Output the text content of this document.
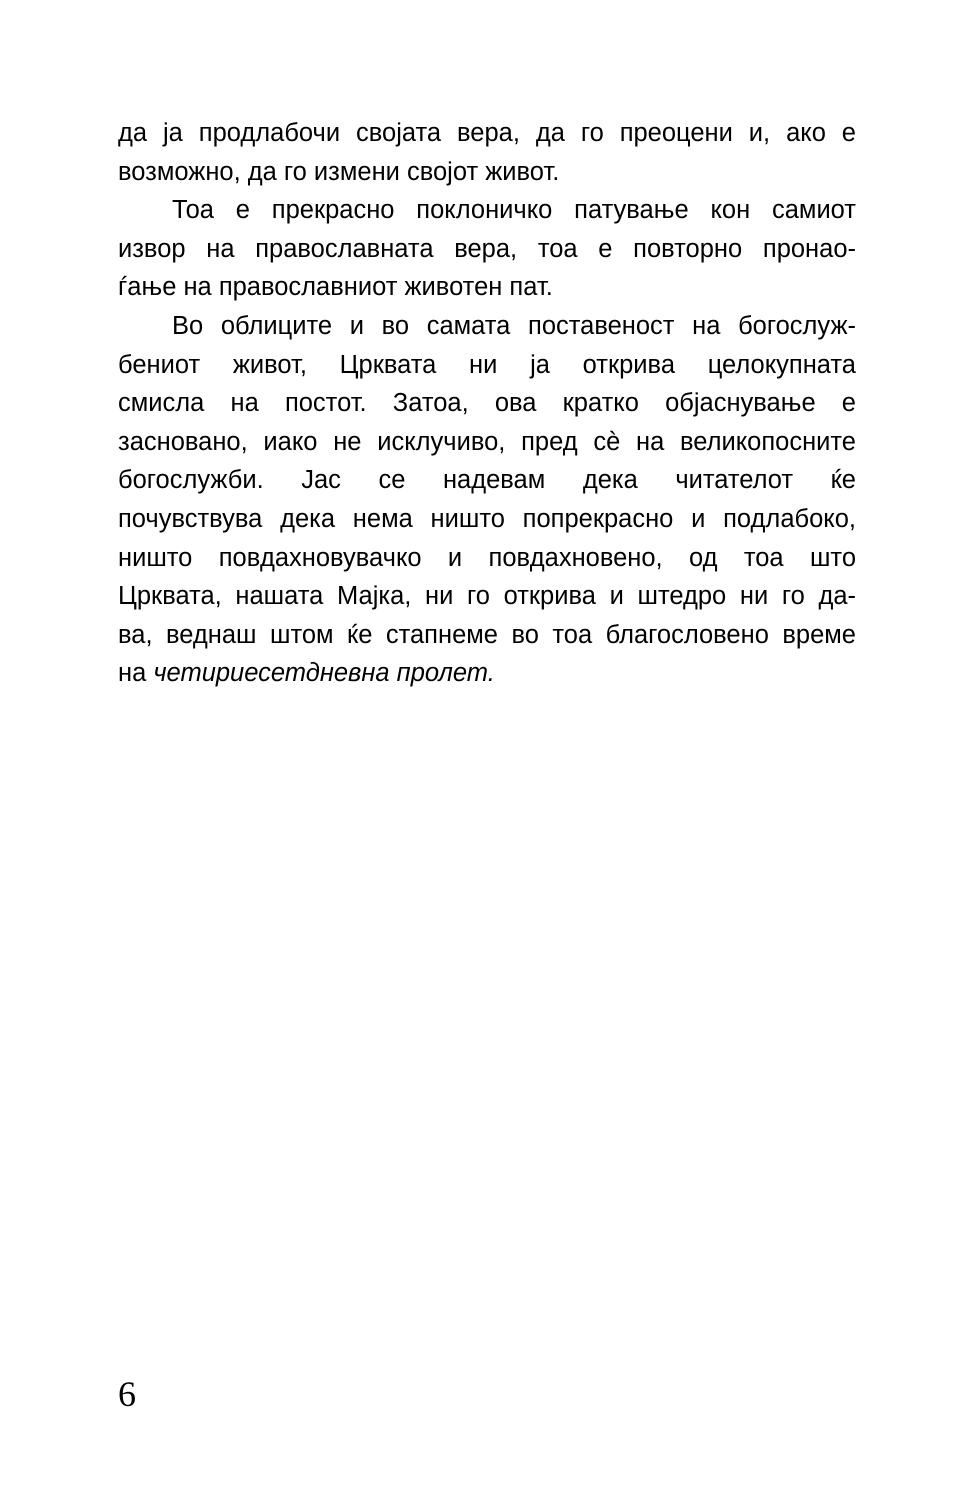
да ја продлабочи својата вера, да го преоцени и, ако е
возможно, да го измени својот живот.
Тоа е прекрасно поклоничко патување кон самиот
извор на православната вера, тоа е повторно пронао-
ѓање на православниот животен пат.
Во облиците и во самата поставеност на богослуж-
бениот живот, Црквата ни ја открива целокупната
смисла на постот. Затоа, ова кратко објаснување е
засновано, иако не исклучиво, пред сѐ на великопосните
богослужби. Јас се надевам дека читателот ќе
почувствува дека нема ништо попрекрасно и подлабоко,
ништо повдахновувачко и повдахновено, од тоа што
Црквата, нашата Мајка, ни го открива и штедро ни го да-
ва, веднаш штом ќе стапнеме во тоа благословено време
на четириесетдневна пролет.
6
